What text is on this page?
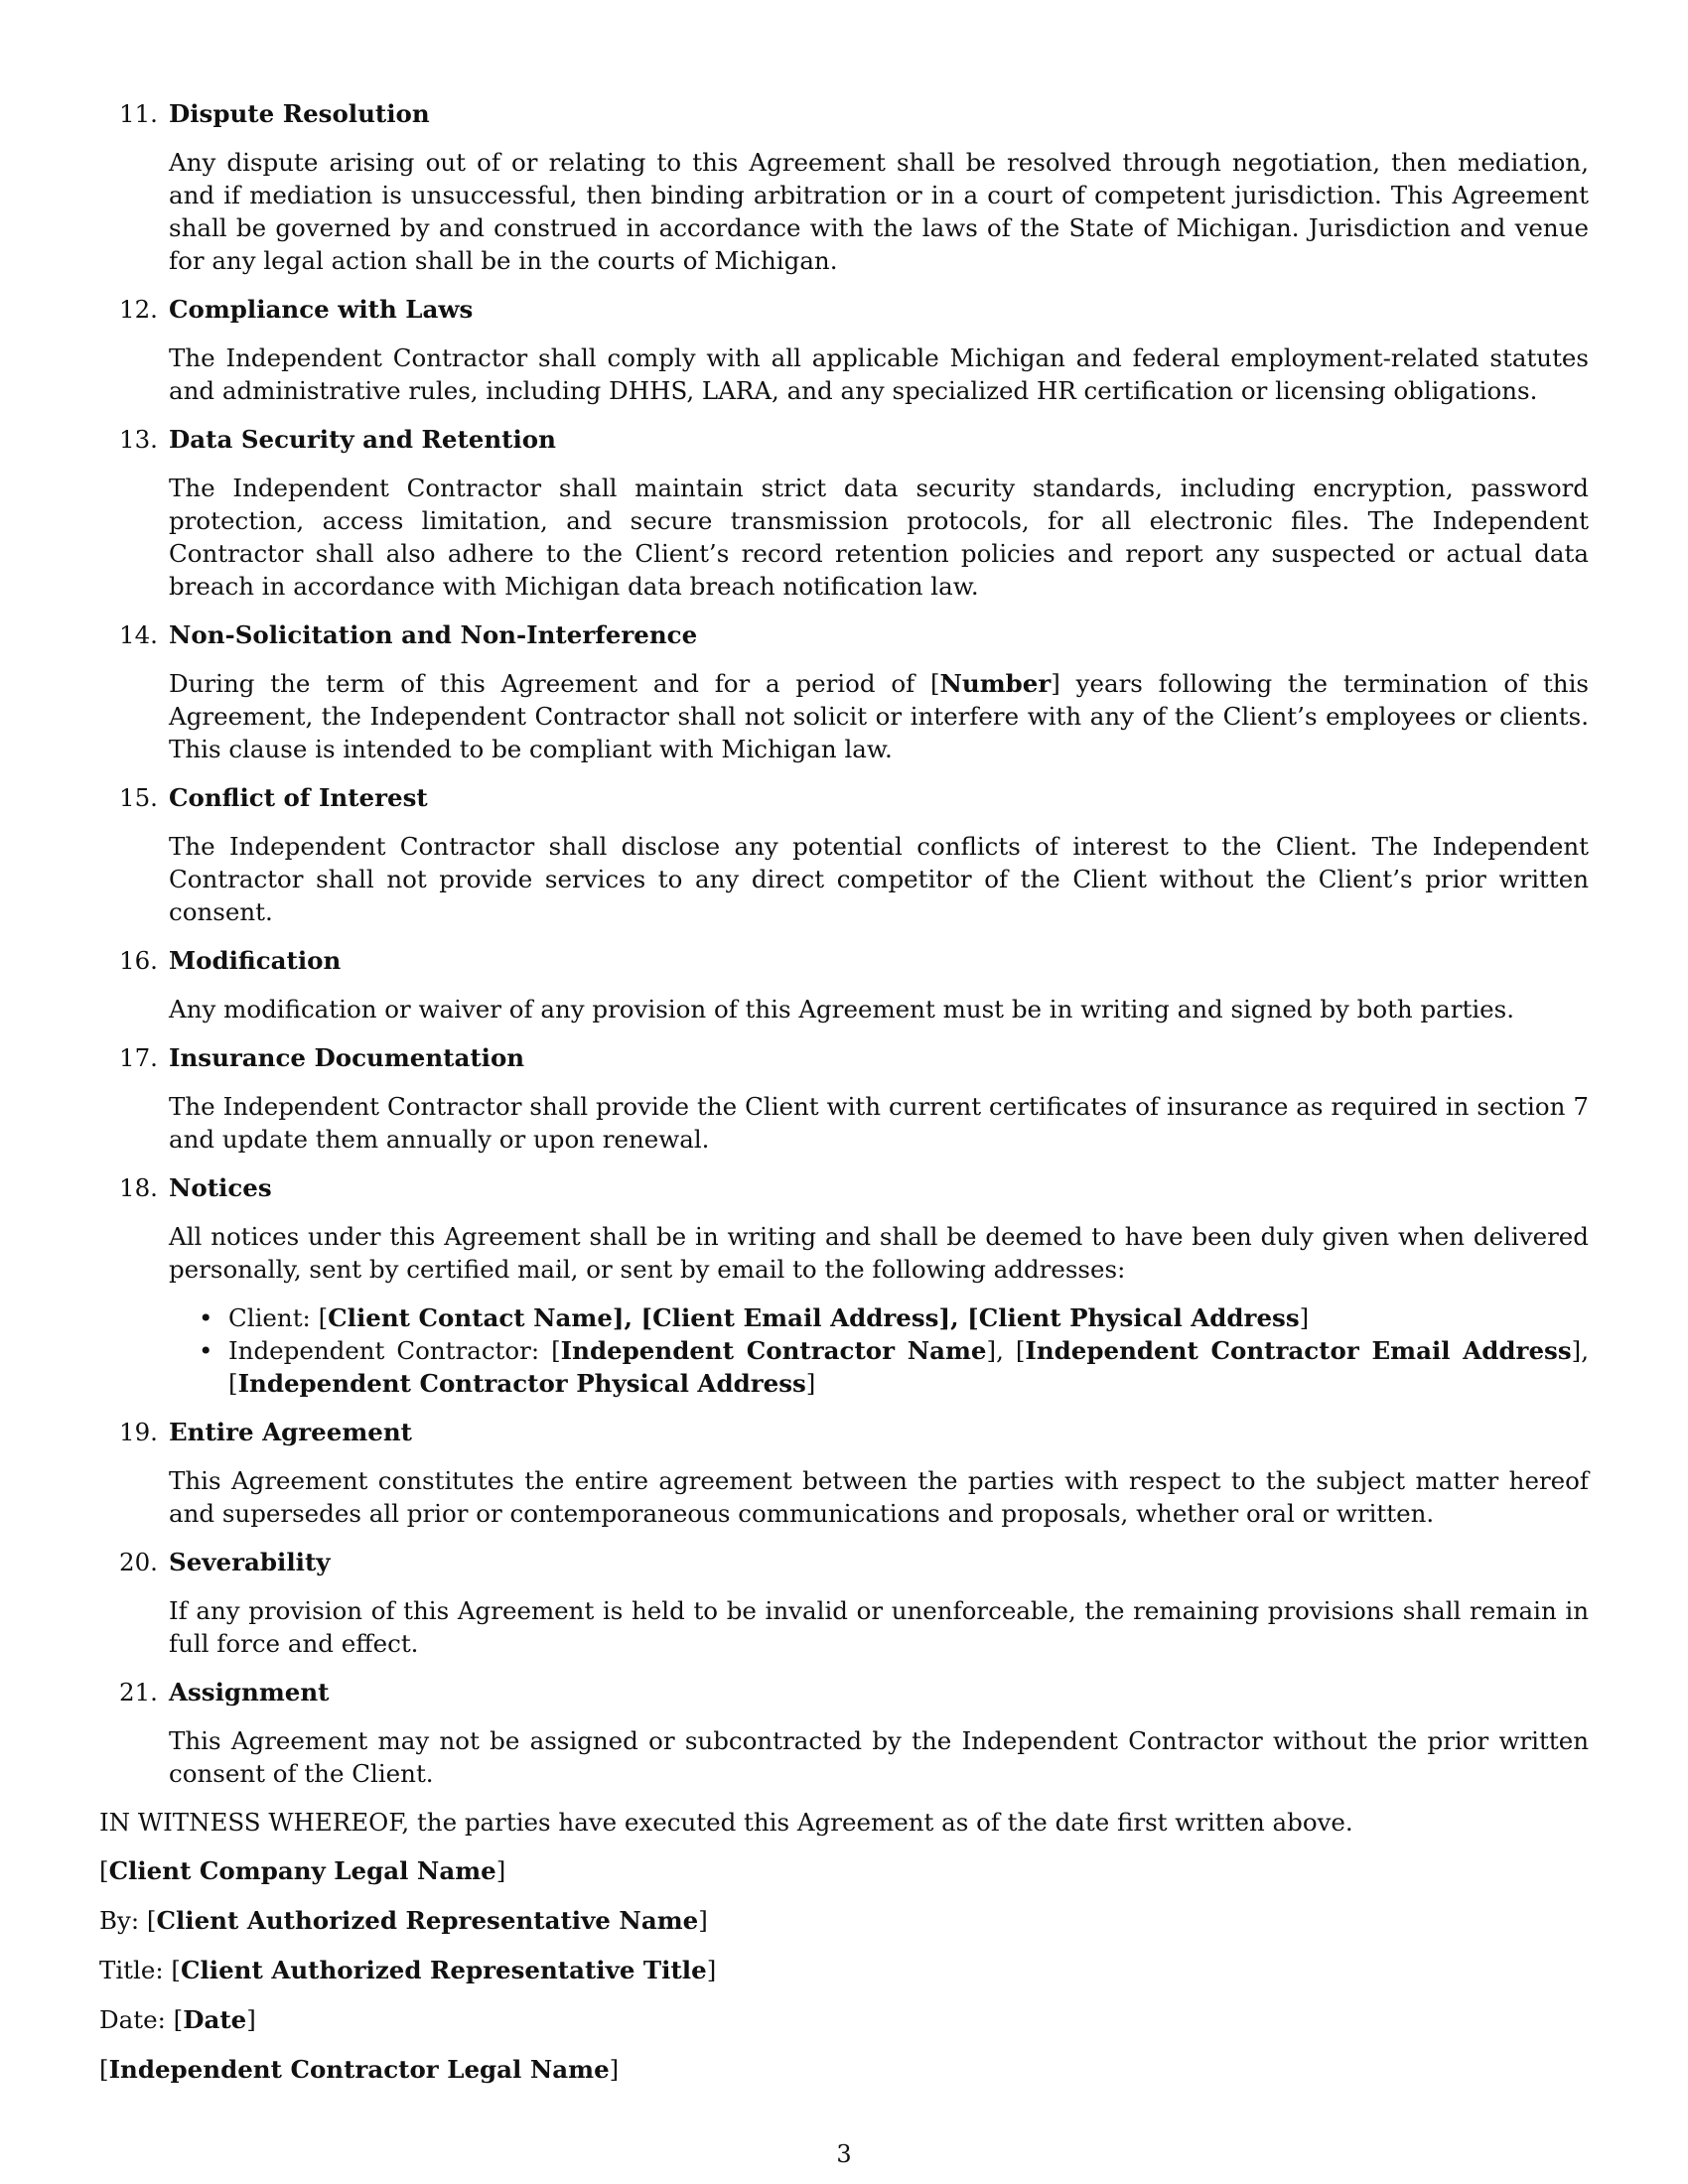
11. Dispute Resolution
Any dispute arising out of or relating to this Agreement shall be resolved through negotiation, then mediation, and if mediation is unsuccessful, then binding arbitration or in a court of competent jurisdiction. This Agreement shall be governed by and construed in accordance with the laws of the State of Michigan. Jurisdiction and venue for any legal action shall be in the courts of Michigan.
12. Compliance with Laws
The Independent Contractor shall comply with all applicable Michigan and federal employment-related statutes and administrative rules, including DHHS, LARA, and any specialized HR certification or licensing obligations.
13. Data Security and Retention
The Independent Contractor shall maintain strict data security standards, including encryption, password protection, access limitation, and secure transmission protocols, for all electronic files. The Independent Contractor shall also adhere to the Client’s record retention policies and report any suspected or actual data breach in accordance with Michigan data breach notification law.
14. Non-Solicitation and Non-Interference
During the term of this Agreement and for a period of [Number] years following the termination of this Agreement, the Independent Contractor shall not solicit or interfere with any of the Client’s employees or clients. This clause is intended to be compliant with Michigan law.
15. Conflict of Interest
The Independent Contractor shall disclose any potential conflicts of interest to the Client. The Independent Contractor shall not provide services to any direct competitor of the Client without the Client’s prior written consent.
16. Modification
Any modification or waiver of any provision of this Agreement must be in writing and signed by both parties.
17. Insurance Documentation
The Independent Contractor shall provide the Client with current certificates of insurance as required in section 7 and update them annually or upon renewal.
18. Notices
All notices under this Agreement shall be in writing and shall be deemed to have been duly given when delivered personally, sent by certified mail, or sent by email to the following addresses:
• Client: [Client Contact Name], [Client Email Address], [Client Physical Address]
• Independent Contractor: [Independent Contractor Name], [Independent Contractor Email Address], [Independent Contractor Physical Address]
19. Entire Agreement
This Agreement constitutes the entire agreement between the parties with respect to the subject matter hereof and supersedes all prior or contemporaneous communications and proposals, whether oral or written.
20. Severability
If any provision of this Agreement is held to be invalid or unenforceable, the remaining provisions shall remain in full force and effect.
21. Assignment
This Agreement may not be assigned or subcontracted by the Independent Contractor without the prior written consent of the Client.
IN WITNESS WHEREOF, the parties have executed this Agreement as of the date first written above.
[Client Company Legal Name]
By: [Client Authorized Representative Name]
Title: [Client Authorized Representative Title]
Date: [Date]
[Independent Contractor Legal Name]
3
